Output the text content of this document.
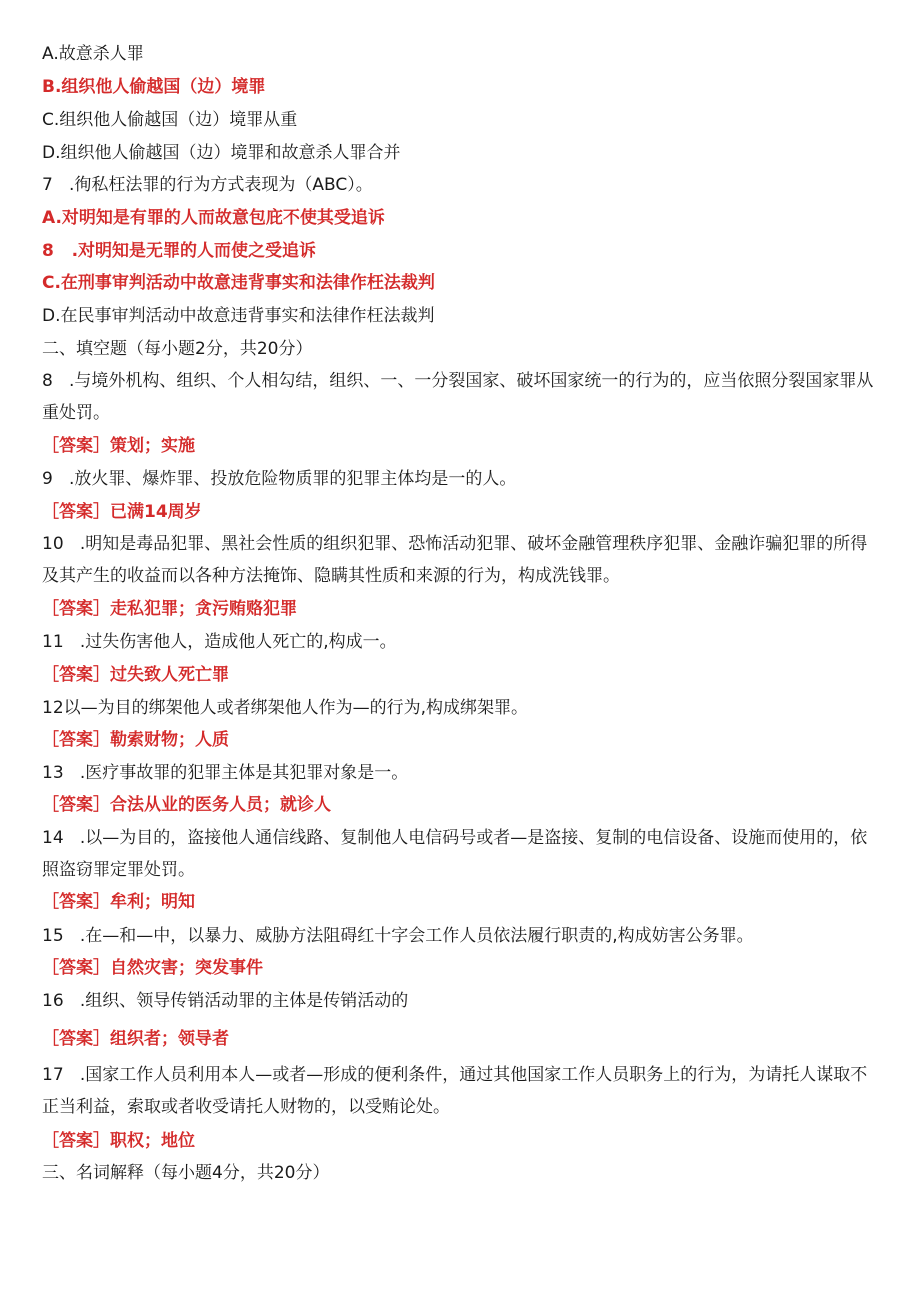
A.故意杀人罪
B.组织他人偷越国（边）境罪
C.组织他人偷越国（边）境罪从重
D.组织他人偷越国（边）境罪和故意杀人罪合并
7   .徇私枉法罪的行为方式表现为（ABC）。
A.对明知是有罪的人而故意包庇不使其受追诉
8   .对明知是无罪的人而使之受追诉
C.在刑事审判活动中故意违背事实和法律作枉法裁判
D.在民事审判活动中故意违背事实和法律作枉法裁判
二、填空题（每小题2分，共20分）
8   .与境外机构、组织、个人相勾结，组织、一、一分裂国家、破坏国家统一的行为的，应当依照分裂国家罪从重处罚。
［答案］策划；实施
9   .放火罪、爆炸罪、投放危险物质罪的犯罪主体均是一的人。
［答案］已满14周岁
10   .明知是毒品犯罪、黑社会性质的组织犯罪、恐怖活动犯罪、破坏金融管理秩序犯罪、金融诈骗犯罪的所得及其产生的收益而以各种方法掩饰、隐瞒其性质和来源的行为，构成洗钱罪。
［答案］走私犯罪；贪污贿赂犯罪
11   .过失伤害他人，造成他人死亡的,构成一。
［答案］过失致人死亡罪
12以—为目的绑架他人或者绑架他人作为—的行为,构成绑架罪。
［答案］勒索财物；人质
13   .医疗事故罪的犯罪主体是其犯罪对象是一。
［答案］合法从业的医务人员；就诊人
14   .以—为目的，盗接他人通信线路、复制他人电信码号或者—是盗接、复制的电信设备、设施而使用的，依照盗窃罪定罪处罚。
［答案］牟利；明知
15   .在—和—中，以暴力、威胁方法阻碍红十字会工作人员依法履行职责的,构成妨害公务罪。
［答案］自然灾害；突发事件
16   .组织、领导传销活动罪的主体是传销活动的
［答案］组织者；领导者
17   .国家工作人员利用本人—或者—形成的便利条件，通过其他国家工作人员职务上的行为，为请托人谋取不正当利益，索取或者收受请托人财物的，以受贿论处。
［答案］职权；地位
三、名词解释（每小题4分，共20分）
